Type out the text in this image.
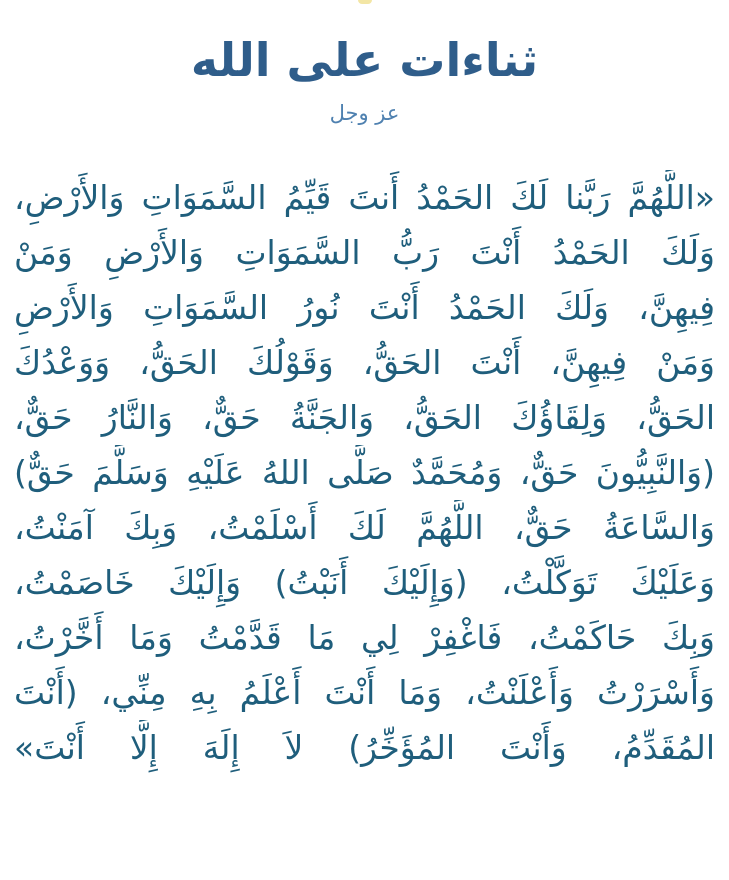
ثناءات على الله
عز وجل
«اللَّهُمَّ رَبَّنا لَكَ الحَمْدُ أَنتَ قَيِّمُ السَّمَوَاتِ وَالأَرْضِ،
وَلَكَ الحَمْدُ أَنْتَ رَبُّ السَّمَوَاتِ وَالأَرْضِ وَمَنْ
فِيهِنَّ، وَلَكَ الحَمْدُ أَنْتَ نُورُ السَّمَوَاتِ وَالأَرْضِ
وَمَنْ فِيهِنَّ، أَنْتَ الحَقُّ، وَقَوْلُكَ الحَقُّ، وَوَعْدُكَ
الحَقُّ، وَلِقَاؤُكَ الحَقُّ، وَالجَنَّةُ حَقٌّ، وَالنَّارُ حَقٌّ،
(وَالنَّبِيُّونَ حَقٌّ، وَمُحَمَّدٌ صَلَّى اللهُ عَلَيْهِ وَسَلَّمَ حَقٌّ)
وَالسَّاعَةُ حَقٌّ، اللَّهُمَّ لَكَ أَسْلَمْتُ، وَبِكَ آمَنْتُ،
وَعَلَيْكَ تَوَكَّلْتُ، (وَإِلَيْكَ أَنَبْتُ) وَإِلَيْكَ خَاصَمْتُ،
وَبِكَ حَاكَمْتُ، فَاغْفِرْ لِي مَا قَدَّمْتُ وَمَا أَخَّرْتُ،
وَأَسْرَرْتُ وَأَعْلَنْتُ، وَمَا أَنْتَ أَعْلَمُ بِهِ مِنِّي، (أَنْتَ
المُقَدِّمُ، وَأَنْتَ المُؤَخِّرُ) لاَ إِلَهَ إِلَّا أَنْتَ»
